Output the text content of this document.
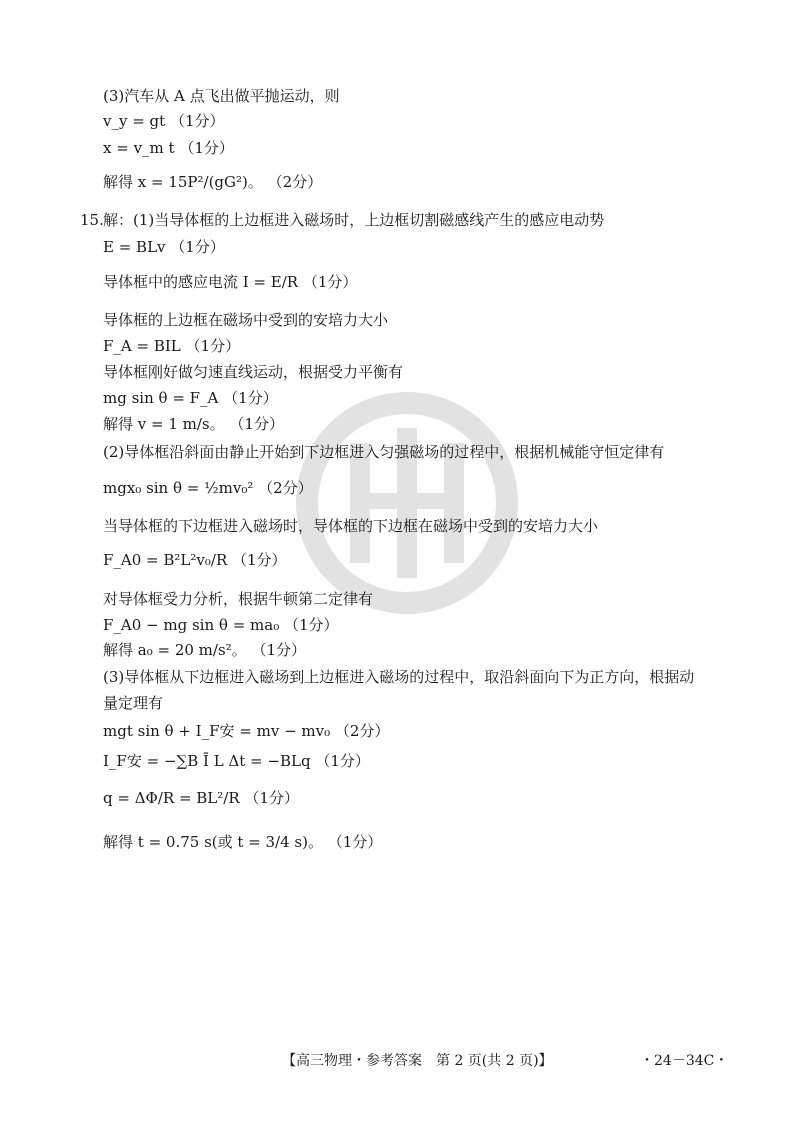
(3)汽车从 A 点飞出做平抛运动，则
v_y = gt （1分）
x = v_m t （1分）
解得 x = 15P²/(gG²)。 （2分）
15. 解：(1)当导体框的上边框进入磁场时，上边框切割磁感线产生的感应电动势
E = BLv （1分）
导体框中的感应电流 I = E/R （1分）
导体框的上边框在磁场中受到的安培力大小
F_A = BIL （1分）
导体框刚好做匀速直线运动，根据受力平衡有
mg sin θ = F_A （1分）
解得 v = 1 m/s。 （1分）
(2)导体框沿斜面由静止开始到下边框进入匀强磁场的过程中，根据机械能守恒定律有
mgx₀ sin θ = ½mv₀² （2分）
当导体框的下边框进入磁场时，导体框的下边框在磁场中受到的安培力大小
F_A0 = B²L²v₀/R （1分）
对导体框受力分析，根据牛顿第二定律有
F_A0 − mg sin θ = ma₀ （1分）
解得 a₀ = 20 m/s²。 （1分）
(3)导体框从下边框进入磁场到上边框进入磁场的过程中，取沿斜面向下为正方向，根据动
量定理有
mgt sin θ + I_F安 = mv − mv₀ （2分）
I_F安 = −∑B Ī L Δt = −BLq （1分）
q = ΔΦ/R = BL²/R （1分）
解得 t = 0.75 s(或 t = 3/4 s)。 （1分）
【高三物理・参考答案　第 2 页(共 2 页)】	・24－34C・
